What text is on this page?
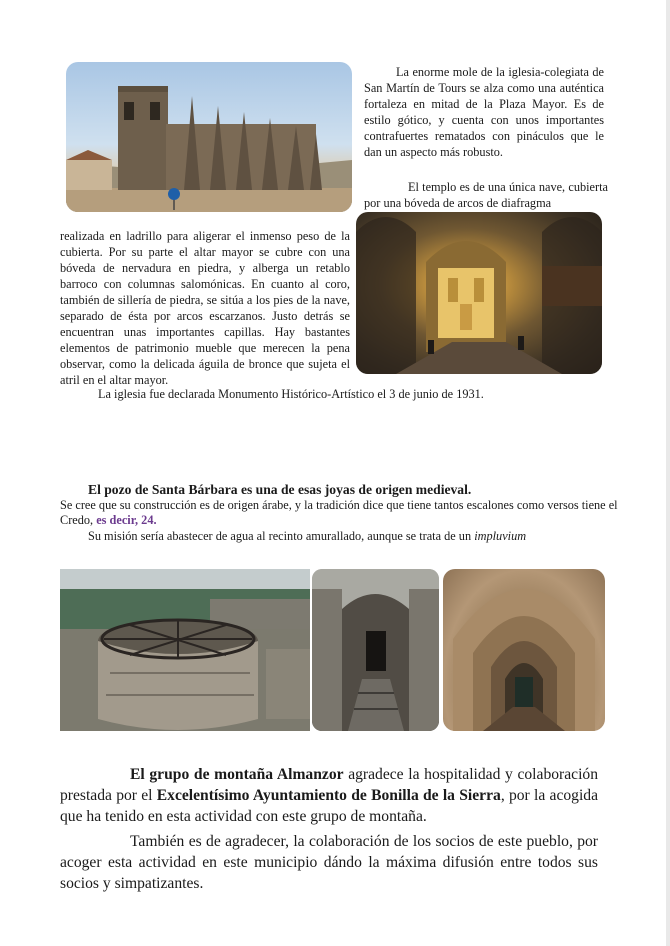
La enorme mole de la iglesia-colegiata de San Martín de Tours se alza como una auténtica fortaleza en mitad de la Plaza Mayor. Es de estilo gótico, y cuenta con unos importantes contrafuertes rematados con pináculos que le dan un aspecto más robusto.

El templo es de una única nave, cubierta por una bóveda de arcos de diafragma

realizada en ladrillo para aligerar el inmenso peso de la cubierta. Por su parte el altar mayor se cubre con una bóveda de nervadura en piedra, y alberga un retablo barroco con columnas salomónicas. En cuanto al coro, también de sillería de piedra, se sitúa a los pies de la nave, separado de ésta por arcos escarzanos. Justo detrás se encuentran unas importantes capillas. Hay bastantes elementos de patrimonio mueble que merecen la pena observar, como la delicada águila de bronce que sujeta el atril en el altar mayor.

La iglesia fue declarada Monumento Histórico-Artístico el 3 de junio de 1931.

El pozo de Santa Bárbara es una de esas joyas de origen medieval.

Se cree que su construcción es de origen árabe, y la tradición dice que tiene tantos escalones como versos tiene el Credo, es decir, 24.

Su misión sería abastecer de agua al recinto amurallado, aunque se trata de un impluvium

El grupo de montaña Almanzor agradece la hospitalidad y colaboración prestada por el Excelentísimo Ayuntamiento de Bonilla de la Sierra, por la acogida que ha tenido en esta actividad con este grupo de montaña.

También es de agradecer, la colaboración de los socios de este pueblo, por acoger esta actividad en este municipio dándo la máxima difusión entre todos sus socios y simpatizantes.
